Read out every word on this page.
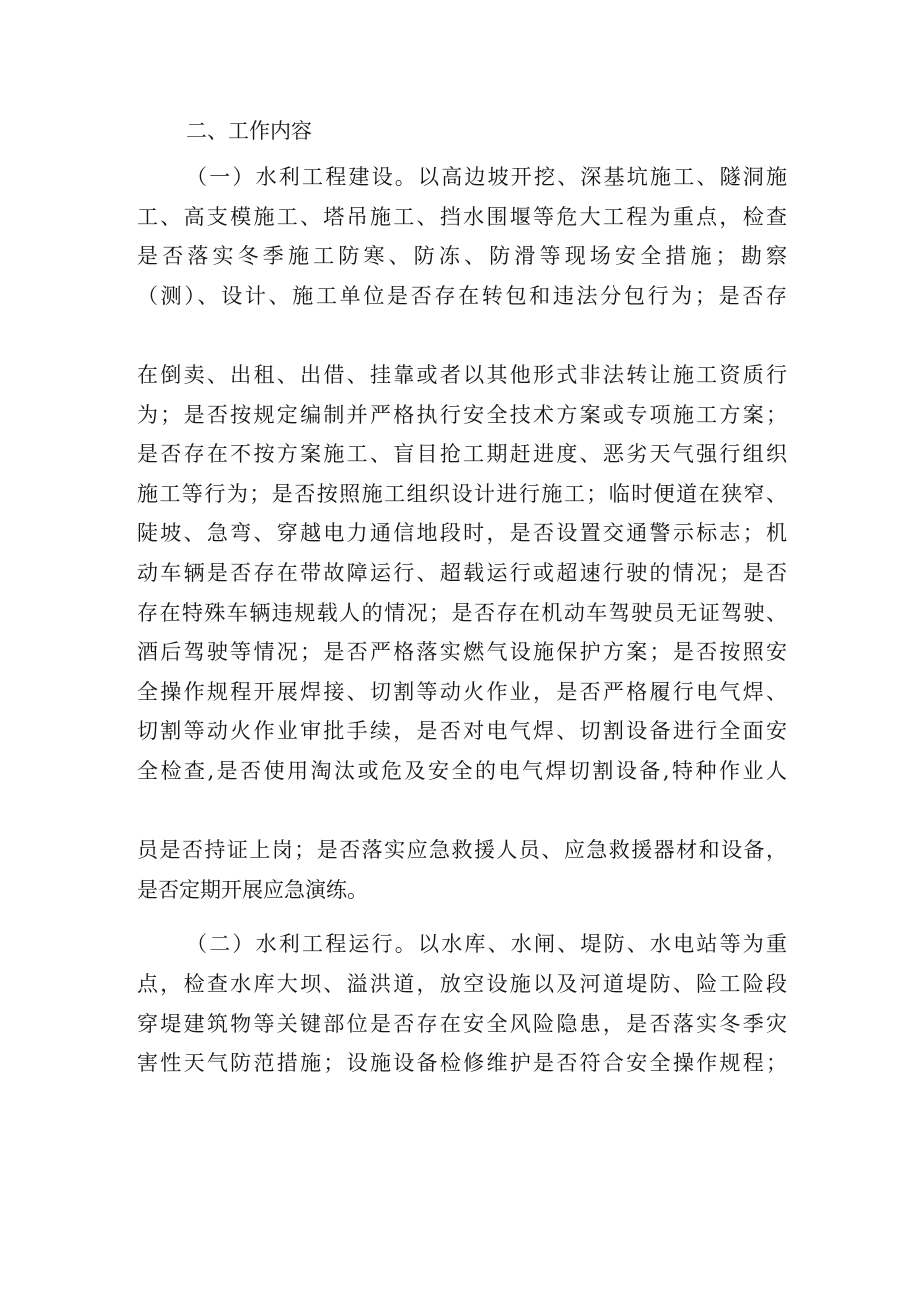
二、工作内容
（一）水利工程建设。以高边坡开挖、深基坑施工、隧洞施
工、高支模施工、塔吊施工、挡水围堰等危大工程为重点，检查
是否落实冬季施工防寒、防冻、防滑等现场安全措施；勘察
（测）、设计、施工单位是否存在转包和违法分包行为；是否存
在倒卖、出租、出借、挂靠或者以其他形式非法转让施工资质行
为；是否按规定编制并严格执行安全技术方案或专项施工方案；
是否存在不按方案施工、盲目抢工期赶进度、恶劣天气强行组织
施工等行为；是否按照施工组织设计进行施工；临时便道在狭窄、
陡坡、急弯、穿越电力通信地段时，是否设置交通警示标志；机
动车辆是否存在带故障运行、超载运行或超速行驶的情况；是否
存在特殊车辆违规载人的情况；是否存在机动车驾驶员无证驾驶、
酒后驾驶等情况；是否严格落实燃气设施保护方案；是否按照安
全操作规程开展焊接、切割等动火作业，是否严格履行电气焊、
切割等动火作业审批手续，是否对电气焊、切割设备进行全面安
全检查,是否使用淘汰或危及安全的电气焊切割设备,特种作业人
员是否持证上岗；是否落实应急救援人员、应急救援器材和设备，
是否定期开展应急演练。
（二）水利工程运行。以水库、水闸、堤防、水电站等为重
点，检查水库大坝、溢洪道，放空设施以及河道堤防、险工险段
穿堤建筑物等关键部位是否存在安全风险隐患，是否落实冬季灾
害性天气防范措施；设施设备检修维护是否符合安全操作规程；
